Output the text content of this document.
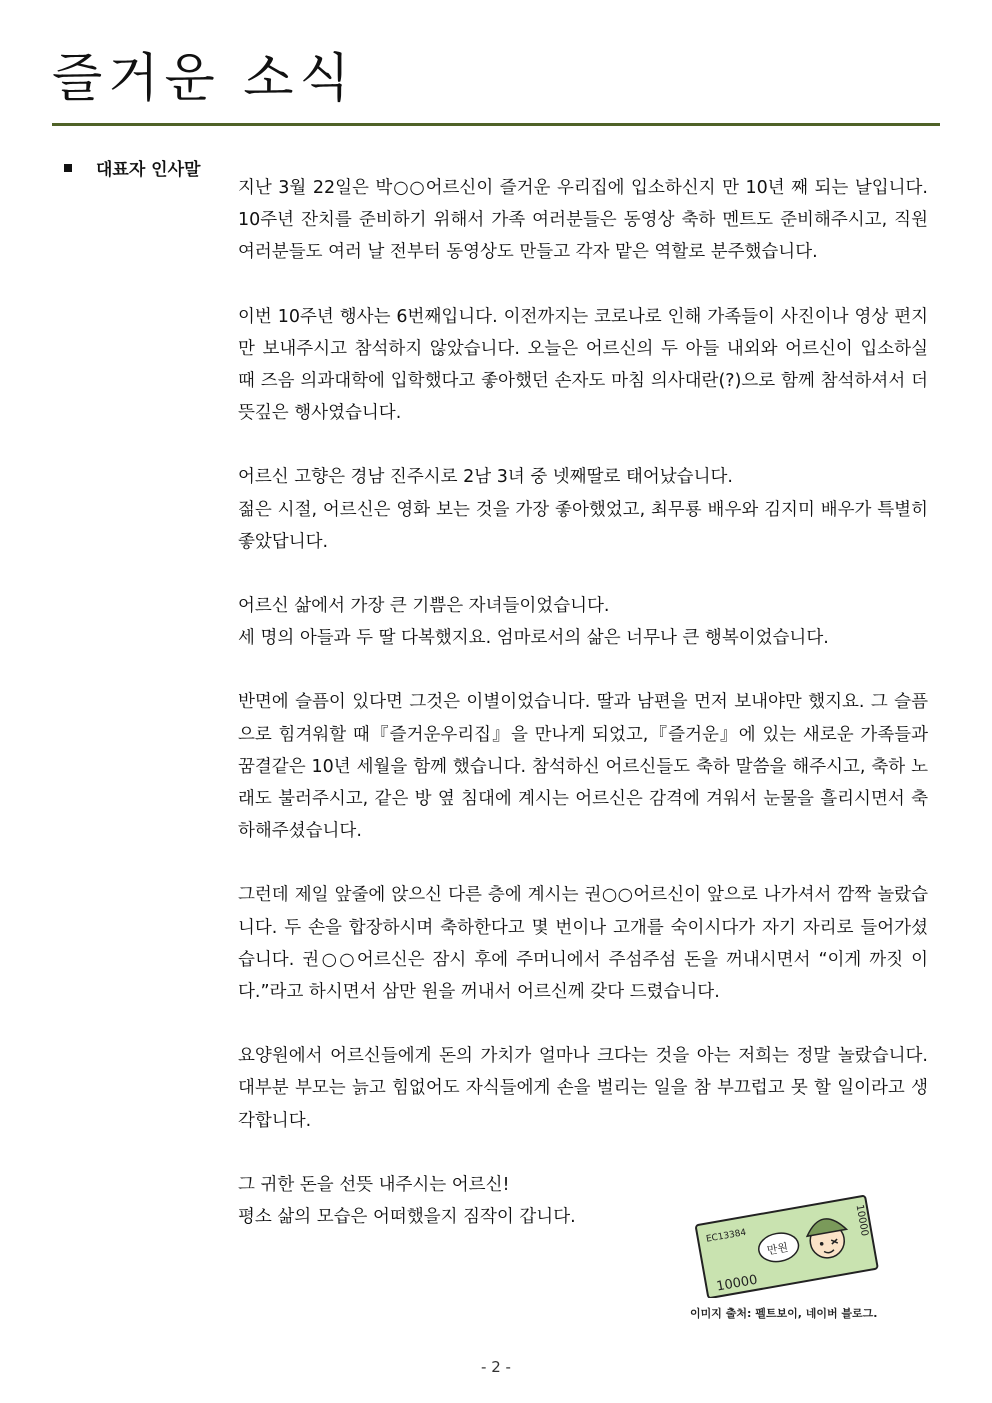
즐거운 소식
대표자 인사말

지난 3월 22일은 박○○어르신이 즐거운 우리집에 입소하신지 만 10년 째 되는 날입니다. 10주년 잔치를 준비하기 위해서 가족 여러분들은 동영상 축하 멘트도 준비해주시고, 직원 여러분들도 여러 날 전부터 동영상도 만들고 각자 맡은 역할로 분주했습니다.

이번 10주년 행사는 6번째입니다. 이전까지는 코로나로 인해 가족들이 사진이나 영상 편지만 보내주시고 참석하지 않았습니다. 오늘은 어르신의 두 아들 내외와 어르신이 입소하실 때 즈음 의과대학에 입학했다고 좋아했던 손자도 마침 의사대란(?)으로 함께 참석하셔서 더 뜻깊은 행사였습니다.

어르신 고향은 경남 진주시로 2남 3녀 중 넷째딸로 태어났습니다.
젊은 시절, 어르신은 영화 보는 것을 가장 좋아했었고, 최무룡 배우와 김지미 배우가 특별히 좋았답니다.

어르신 삶에서 가장 큰 기쁨은 자녀들이었습니다.
세 명의 아들과 두 딸 다복했지요. 엄마로서의 삶은 너무나 큰 행복이었습니다.

반면에 슬픔이 있다면 그것은 이별이었습니다. 딸과 남편을 먼저 보내야만 했지요. 그 슬픔으로 힘겨워할 때『즐거운우리집』을 만나게 되었고,『즐거운』에 있는 새로운 가족들과 꿈결같은 10년 세월을 함께 했습니다. 참석하신 어르신들도 축하 말씀을 해주시고, 축하 노래도 불러주시고, 같은 방 옆 침대에 계시는 어르신은 감격에 겨워서 눈물을 흘리시면서 축하해주셨습니다.

그런데 제일 앞줄에 앉으신 다른 층에 계시는 권○○어르신이 앞으로 나가셔서 깜짝 놀랐습니다. 두 손을 합장하시며 축하한다고 몇 번이나 고개를 숙이시다가 자기 자리로 들어가셨습니다. 권○○어르신은 잠시 후에 주머니에서 주섬주섬 돈을 꺼내시면서 “이게 까짓 이다.”라고 하시면서 삼만 원을 꺼내서 어르신께 갖다 드렸습니다.

요양원에서 어르신들에게 돈의 가치가 얼마나 크다는 것을 아는 저희는 정말 놀랐습니다. 대부분 부모는 늙고 힘없어도 자식들에게 손을 벌리는 일을 참 부끄럽고 못 할 일이라고 생각합니다.

그 귀한 돈을 선뜻 내주시는 어르신!
평소 삶의 모습은 어떠했을지 짐작이 갑니다.

EC13384
10000
10000
만원
이미지 출처: 펠트보이, 네이버 블로그.
- 2 -
